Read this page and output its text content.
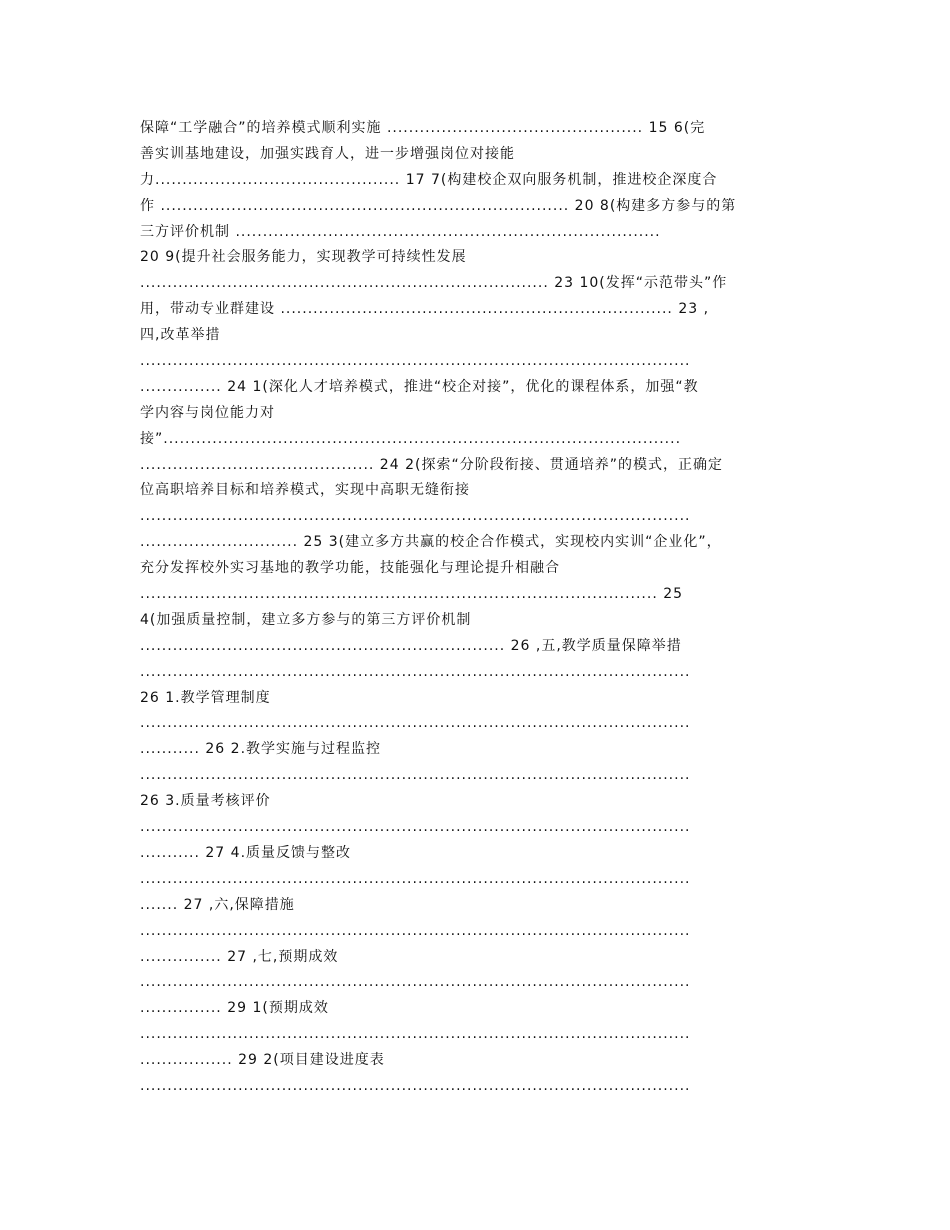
保障“工学融合”的培养模式顺利实施 ............................................... 15 6(完
善实训基地建设，加强实践育人，进一步增强岗位对接能
力............................................. 17 7(构建校企双向服务机制，推进校企深度合
作 ........................................................................... 20 8(构建多方参与的第
三方评价机制 ..............................................................................
20 9(提升社会服务能力，实现教学可持续性发展
........................................................................... 23 10(发挥“示范带头”作
用，带动专业群建设 ........................................................................ 23 ,
四,改革举措
.....................................................................................................
............... 24 1(深化人才培养模式，推进“校企对接”，优化的课程体系，加强“教
学内容与岗位能力对
接”...............................................................................................
........................................... 24 2(探索“分阶段衔接、贯通培养”的模式，正确定
位高职培养目标和培养模式，实现中高职无缝衔接
.....................................................................................................
............................. 25 3(建立多方共赢的校企合作模式，实现校内实训“企业化”，
充分发挥校外实习基地的教学功能，技能强化与理论提升相融合
............................................................................................... 25
4(加强质量控制，建立多方参与的第三方评价机制
................................................................... 26 ,五,教学质量保障举措
.....................................................................................................
26 1.教学管理制度
.....................................................................................................
........... 26 2.教学实施与过程监控
.....................................................................................................
26 3.质量考核评价
.....................................................................................................
........... 27 4.质量反馈与整改
.....................................................................................................
....... 27 ,六,保障措施
.....................................................................................................
............... 27 ,七,预期成效
.....................................................................................................
............... 29 1(预期成效
.....................................................................................................
................. 29 2(项目建设进度表
.....................................................................................................
